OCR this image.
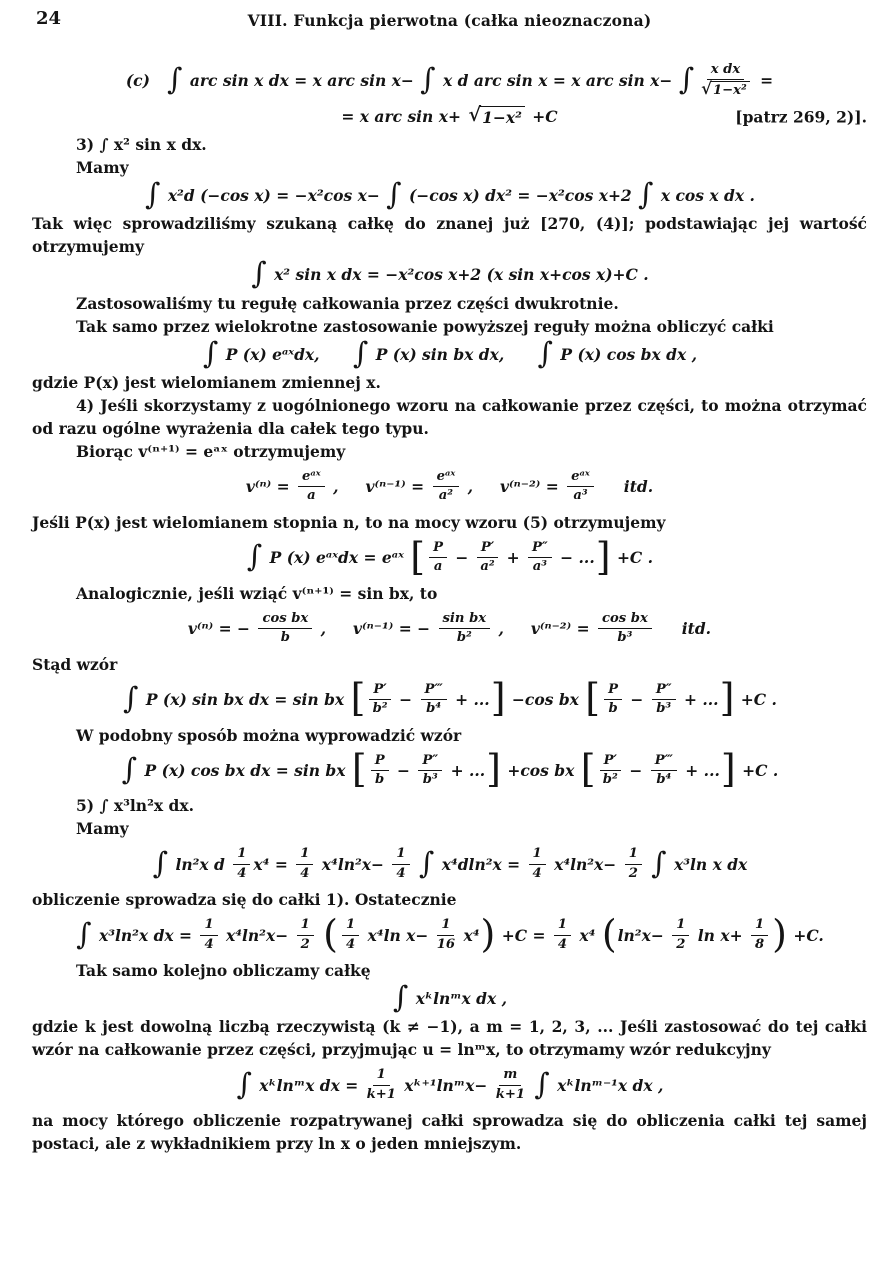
24	VIII. Funkcja pierwotna (całka nieoznaczona)
(c) ∫ arc sin x dx = x arc sin x− ∫ x d arc sin x = x arc sin x− ∫ $\frac{\text{x dx}}{\text{√ 1−x²}}$ =
= x arc sin x+ √ 1−x² +C	[patrz 269, 2)].

3) ∫ x² sin x dx.

Mamy

∫ x²d (−cos x) = −x²cos x− ∫ (−cos x) dx² = −x²cos x+2 ∫ x cos x dx .

Tak więc sprowadziliśmy szukaną całkę do znanej już [270, (4)]; podstawiając jej wartość otrzymujemy

∫ x² sin x dx = −x²cos x+2 (x sin x+cos x)+C .

Zastosowaliśmy tu regułę całkowania przez części dwukrotnie.

Tak samo przez wielokrotne zastosowanie powyższej reguły można obliczyć całki

∫ P (x) eᵃˣdx, ∫ P (x) sin bx dx, ∫ P (x) cos bx dx ,

gdzie P(x) jest wielomianem zmiennej x.

4) Jeśli skorzystamy z uogólnionego wzoru na całkowanie przez części, to można otrzymać od razu ogólne wyrażenia dla całek tego typu.

Biorąc v⁽ⁿ⁺¹⁾ = eᵃˣ otrzymujemy

$v^{(n)} = \frac{\text{eᵃˣ}}{a}$ ,     $v^{(n-1)} = \frac{\text{eᵃˣ}}{\text{a²}}$ ,     $v^{(n-2)} = \frac{\text{eᵃˣ}}{\text{a³}}$ itd.

Jeśli P(x) jest wielomianem stopnia n, to na mocy wzoru (5) otrzymujemy

∫ P (x) eᵃˣdx = eᵃˣ [ $\frac{P}{a} - \frac{P'}{\text{a²}} + \frac{P''}{\text{a³}}$ − ... ] +C .

Analogicznie, jeśli wziąć v⁽ⁿ⁺¹⁾ = sin bx, to

v⁽ⁿ⁾ = − $\frac{\text{cos bx}}{b}$ ,     v⁽ⁿ⁻¹⁾ = − $\frac{\text{sin bx}}{\text{b²}}$ ,     $v^{(n-2)} = \frac{\text{cos bx}}{\text{b³}}$ itd.

Stąd wzór

∫ P (x) sin bx dx = sin bx [ $\frac{P'}{\text{b²}} - \frac{P‴}{\text{b⁴}}$ + ... ] −cos bx [ $\frac{P}{b} - \frac{P''}{\text{b³}}$ + ... ] +C .

W podobny sposób można wyprowadzić wzór

∫ P (x) cos bx dx = sin bx [ $\frac{P}{b} - \frac{P''}{\text{b³}}$ + ... ] +cos bx [ $\frac{P'}{\text{b²}} - \frac{P‴}{\text{b⁴}}$ + ... ] +C .

5) ∫ x³ln²x dx.

Mamy

∫ ln²x d $\frac{1}{4} x^4 = \frac{1}{4} x^4\ln^2x- \frac{1}{4}$
∫ $x^4dln^2x = \frac{1}{4} x^4\ln^2x- \frac{1}{2}$
∫ x³ln x dx

obliczenie sprowadza się do całki 1). Ostatecznie

∫ x³ln²x dx = $\frac{1}{4} x^4\ln^2x- \frac{1}{2}$
( $\frac{1}{4} x^4\ln$ $x- \frac{1}{16} x^4$ ) $+C = \frac{1}{4} x^4$ ( $\ln^2x- \frac{1}{2}$ $\ln x+ \frac{1}{8}$ ) +C.

Tak samo kolejno obliczamy całkę

∫ xᵏlnᵐx dx ,

gdzie k jest dowolną liczbą rzeczywistą (k ≠ −1), a m = 1, 2, 3, ... Jeśli zastosować do tej całki wzór na całkowanie przez części, przyjmując u = lnᵐx, to otrzymamy wzór redukcyjny

∫ xᵏlnᵐx dx = $\frac{1}{k+1}$ xᵏ⁺¹lnᵐx− $\frac{m}{k+1}$
∫ xᵏlnᵐ⁻¹x dx ,

na mocy którego obliczenie rozpatrywanej całki sprowadza się do obliczenia całki tej samej postaci, ale z wykładnikiem przy ln x o jeden mniejszym.
